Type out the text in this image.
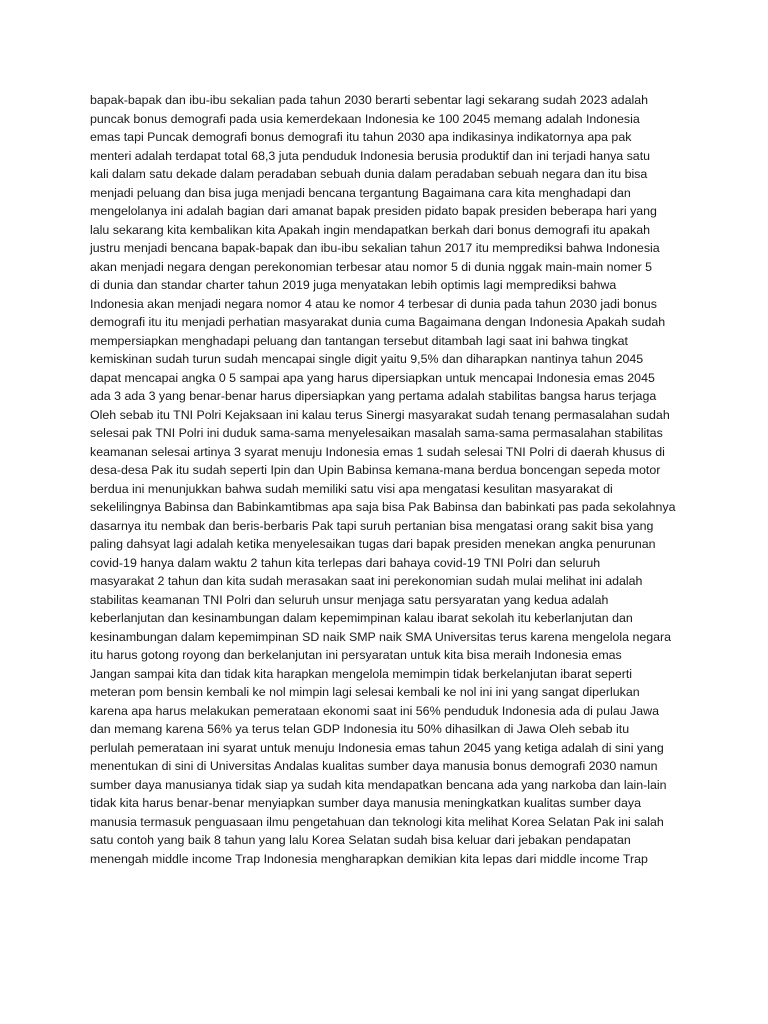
bapak-bapak dan ibu-ibu sekalian pada tahun 2030 berarti sebentar lagi sekarang sudah 2023 adalah
puncak bonus demografi pada usia kemerdekaan Indonesia ke 100 2045 memang adalah Indonesia
emas tapi Puncak demografi bonus demografi itu tahun 2030 apa indikasinya indikatornya apa pak
menteri adalah terdapat total 68,3 juta penduduk Indonesia berusia produktif dan ini terjadi hanya satu
kali dalam satu dekade dalam peradaban sebuah dunia dalam peradaban sebuah negara dan itu bisa
menjadi peluang dan bisa juga menjadi bencana tergantung Bagaimana cara kita menghadapi dan
mengelolanya ini adalah bagian dari amanat bapak presiden pidato bapak presiden beberapa hari yang
lalu sekarang kita kembalikan kita Apakah ingin mendapatkan berkah dari bonus demografi itu apakah
justru menjadi bencana bapak-bapak dan ibu-ibu sekalian tahun 2017 itu memprediksi bahwa Indonesia
akan menjadi negara dengan perekonomian terbesar atau nomor 5 di dunia nggak main-main nomer 5
di dunia dan standar charter tahun 2019 juga menyatakan lebih optimis lagi memprediksi bahwa
Indonesia akan menjadi negara nomor 4 atau ke nomor 4 terbesar di dunia pada tahun 2030 jadi bonus
demografi itu itu menjadi perhatian masyarakat dunia cuma Bagaimana dengan Indonesia Apakah sudah
mempersiapkan menghadapi peluang dan tantangan tersebut ditambah lagi saat ini bahwa tingkat
kemiskinan sudah turun sudah mencapai single digit yaitu 9,5% dan diharapkan nantinya tahun 2045
dapat mencapai angka 0 5 sampai apa yang harus dipersiapkan untuk mencapai Indonesia emas 2045
ada 3 ada 3 yang benar-benar harus dipersiapkan yang pertama adalah stabilitas bangsa harus terjaga
Oleh sebab itu TNI Polri Kejaksaan ini kalau terus Sinergi masyarakat sudah tenang permasalahan sudah
selesai pak TNI Polri ini duduk sama-sama menyelesaikan masalah sama-sama permasalahan stabilitas
keamanan selesai artinya 3 syarat menuju Indonesia emas 1 sudah selesai TNI Polri di daerah khusus di
desa-desa Pak itu sudah seperti Ipin dan Upin Babinsa kemana-mana berdua boncengan sepeda motor
berdua ini menunjukkan bahwa sudah memiliki satu visi apa mengatasi kesulitan masyarakat di
sekelilingnya Babinsa dan Babinkamtibmas apa saja bisa Pak Babinsa dan babinkati pas pada sekolahnya
dasarnya itu nembak dan beris-berbaris Pak tapi suruh pertanian bisa mengatasi orang sakit bisa yang
paling dahsyat lagi adalah ketika menyelesaikan tugas dari bapak presiden menekan angka penurunan
covid-19 hanya dalam waktu 2 tahun kita terlepas dari bahaya covid-19 TNI Polri dan seluruh
masyarakat 2 tahun dan kita sudah merasakan saat ini perekonomian sudah mulai melihat ini adalah
stabilitas keamanan TNI Polri dan seluruh unsur menjaga satu persyaratan yang kedua adalah
keberlanjutan dan kesinambungan dalam kepemimpinan kalau ibarat sekolah itu keberlanjutan dan
kesinambungan dalam kepemimpinan SD naik SMP naik SMA Universitas terus karena mengelola negara
itu harus gotong royong dan berkelanjutan ini persyaratan untuk kita bisa meraih Indonesia emas
Jangan sampai kita dan tidak kita harapkan mengelola memimpin tidak berkelanjutan ibarat seperti
meteran pom bensin kembali ke nol mimpin lagi selesai kembali ke nol ini ini yang sangat diperlukan
karena apa harus melakukan pemerataan ekonomi saat ini 56% penduduk Indonesia ada di pulau Jawa
dan memang karena 56% ya terus telan GDP Indonesia itu 50% dihasilkan di Jawa Oleh sebab itu
perlulah pemerataan ini syarat untuk menuju Indonesia emas tahun 2045 yang ketiga adalah di sini yang
menentukan di sini di Universitas Andalas kualitas sumber daya manusia bonus demografi 2030 namun
sumber daya manusianya tidak siap ya sudah kita mendapatkan bencana ada yang narkoba dan lain-lain
tidak kita harus benar-benar menyiapkan sumber daya manusia meningkatkan kualitas sumber daya
manusia termasuk penguasaan ilmu pengetahuan dan teknologi kita melihat Korea Selatan Pak ini salah
satu contoh yang baik 8 tahun yang lalu Korea Selatan sudah bisa keluar dari jebakan pendapatan
menengah middle income Trap Indonesia mengharapkan demikian kita lepas dari middle income Trap
